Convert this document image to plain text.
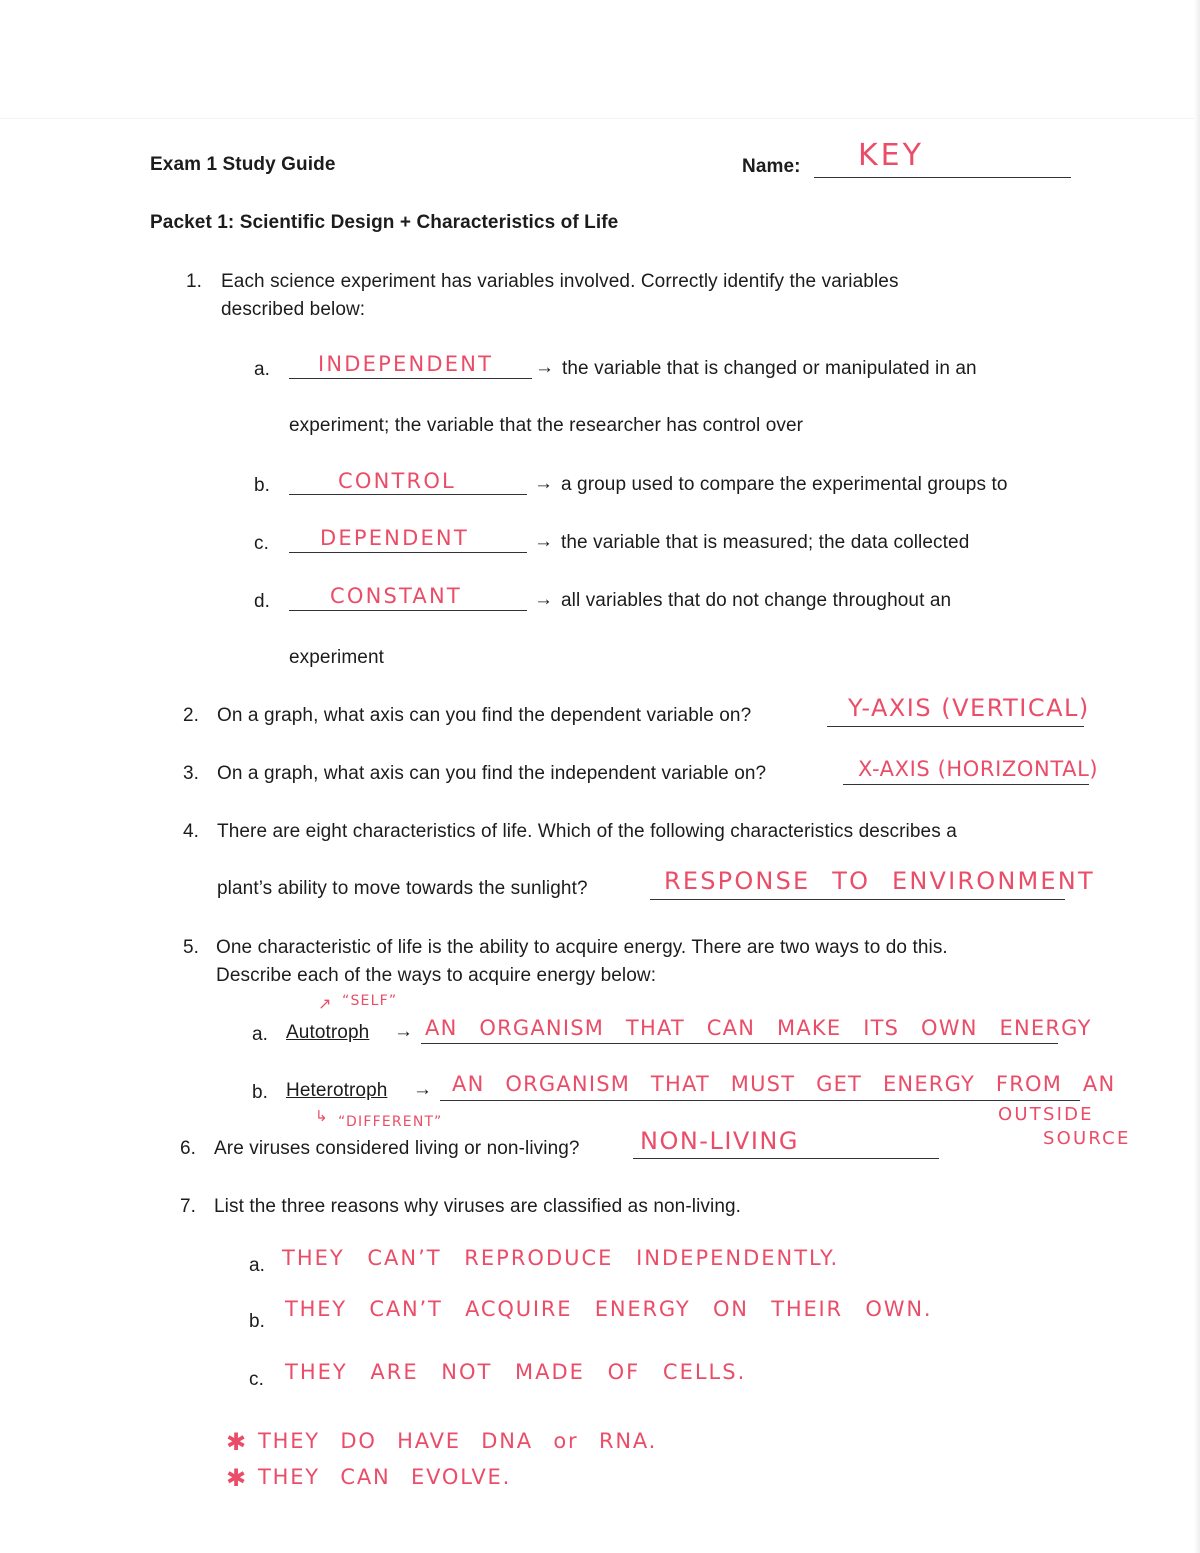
Exam 1 Study Guide	Name: KEY
Packet 1: Scientific Design + Characteristics of Life
1. Each science experiment has variables involved. Correctly identify the variables
described below:
a. INDEPENDENT → the variable that is changed or manipulated in an
experiment; the variable that the researcher has control over
b.	CONTROL	→ a group used to compare the experimental groups to
c. DEPENDENT	→ the variable that is measured; the data collected
d.	CONSTANT	→ all variables that do not change throughout an
experiment
2. On a graph, what axis can you find the dependent variable on?	Y-AXIS (VERTICAL)
3. On a graph, what axis can you find the independent variable on?	X-AXIS (HORIZONTAL)
4. There are eight characteristics of life. Which of the following characteristics describes a
plant’s ability to move towards the sunlight?	RESPONSE TO ENVIRONMENT
5. One characteristic of life is the ability to acquire energy. There are two ways to do this.
Describe each of the ways to acquire energy below:
↗ “SELF”
a. Autotroph → AN ORGANISM THAT CAN MAKE ITS OWN ENERGY
b. Heterotroph → AN ORGANISM THAT MUST GET ENERGY FROM AN
↳ “DIFFERENT”	OUTSIDE
SOURCE
6. Are viruses considered living or non-living?	NON-LIVING
7. List the three reasons why viruses are classified as non-living.
a. THEY CAN’T REPRODUCE INDEPENDENTLY.
b.
THEY CAN’T ACQUIRE ENERGY ON THEIR OWN.
c. THEY ARE NOT MADE OF CELLS.
✱ THEY DO HAVE DNA or RNA.
✱ THEY CAN EVOLVE.
